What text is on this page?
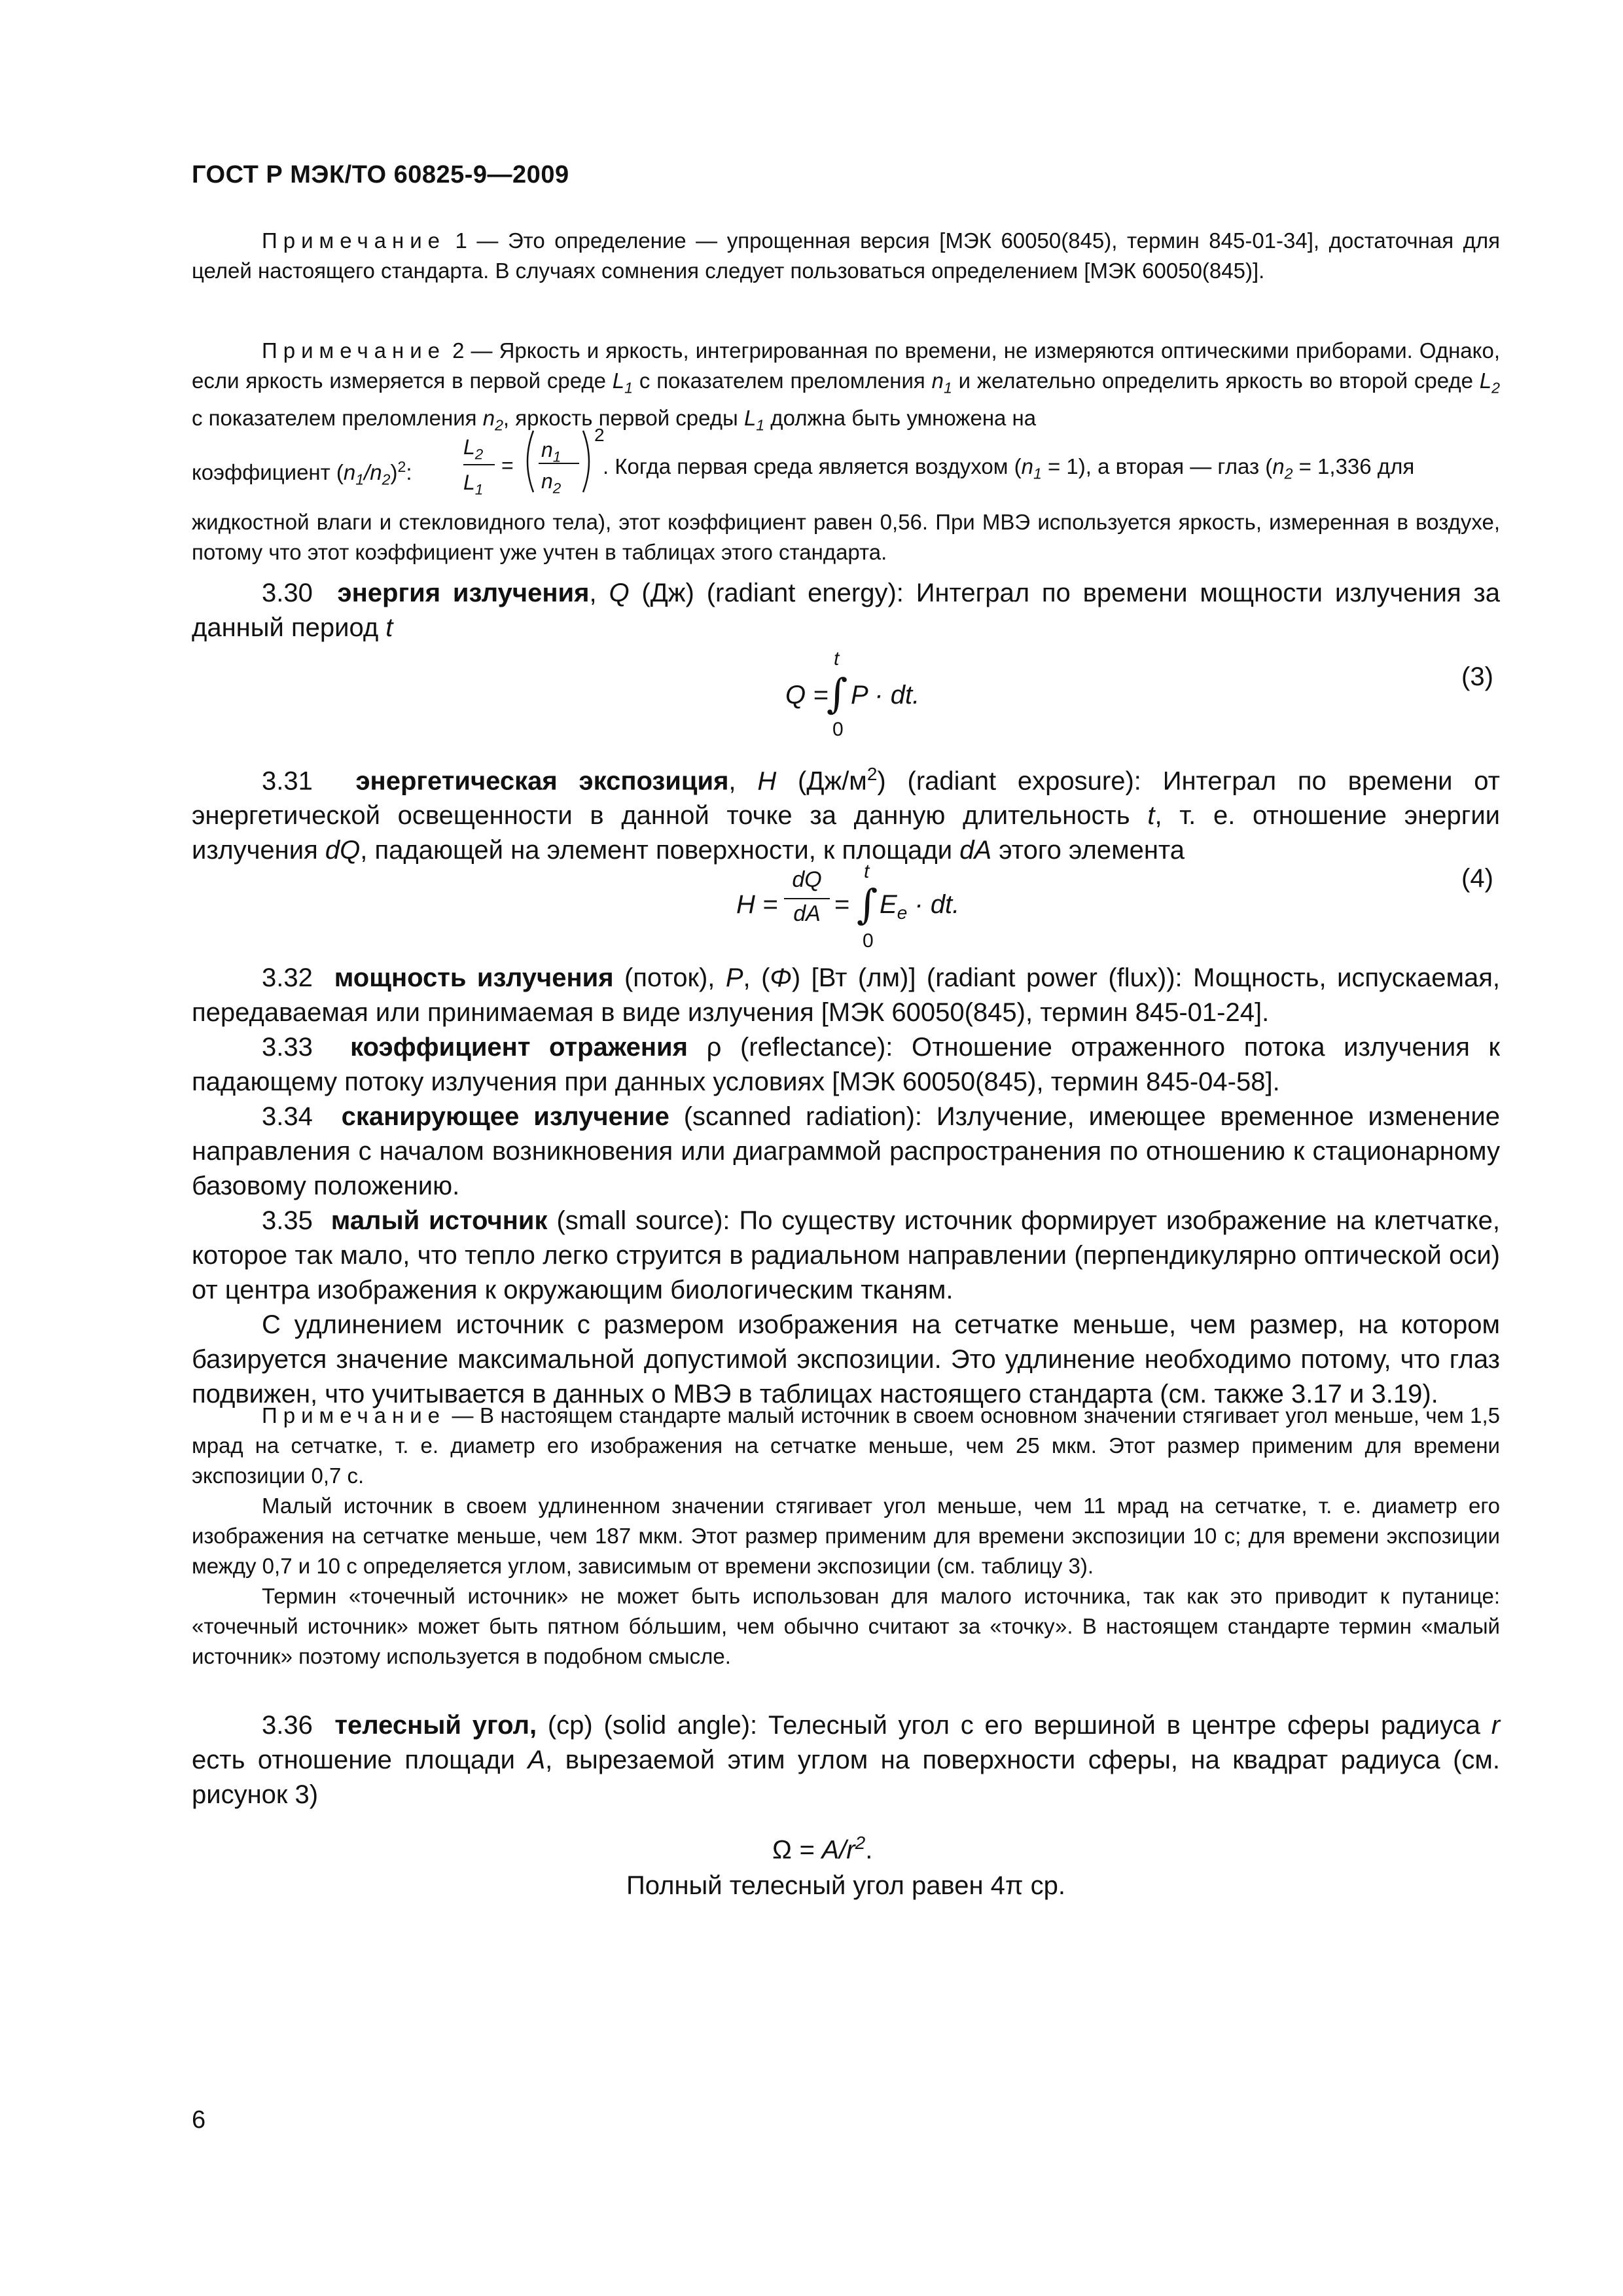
ГОСТ Р МЭК/ТО 60825-9—2009
Примечание 1 — Это определение — упрощенная версия [МЭК 60050(845), термин 845-01-34], достаточная для целей настоящего стандарта. В случаях сомнения следует пользоваться определением [МЭК 60050(845)].
Примечание 2 — Яркость и яркость, интегрированная по времени, не измеряются оптическими приборами. Однако, если яркость измеряется в первой среде $L_1$ с показателем преломления $n_1$ и желательно определить яркость во второй среде $L_2$ с показателем преломления $n_2$, яркость первой среды $L_1$ должна быть умножена на
коэффициент $(n_1/n_2)^2$:
$L_2$
$L_1$
=
$n_1$
$n_2$
2
. Когда первая среда является воздухом $(n_1 = 1)$, а вторая — глаз ($n_2 = 1,336$ для
жидкостной влаги и стекловидного тела), этот коэффициент равен 0,56. При МВЭ используется яркость, измеренная в воздухе, потому что этот коэффициент уже учтен в таблицах этого стандарта.
3.30 энергия излучения, Q (Дж) (radiant energy): Интеграл по времени мощности излучения за данный период t
Q =
t
∫
0
P · dt.
(3)
3.31 энергетическая экспозиция, H $(Дж/м^2)$ (radiant exposure): Интеграл по времени от энергетической освещенности в данной точке за данную длительность t, т. е. отношение энергии излучения dQ, падающей на элемент поверхности, к площади dA этого элемента
H =
dQ
dA =
t
∫
0
$E_e$ · dt.
(4)
3.32 мощность излучения (поток), P, (Φ) [Вт (лм)] (radiant power (flux)): Мощность, испускаемая, передаваемая или принимаемая в виде излучения [МЭК 60050(845), термин 845-01-24].
3.33 коэффициент отражения ρ (reflectance): Отношение отраженного потока излучения к падающему потоку излучения при данных условиях [МЭК 60050(845), термин 845-04-58].
3.34 сканирующее излучение (scanned radiation): Излучение, имеющее временное изменение направления с началом возникновения или диаграммой распространения по отношению к стационарному базовому положению.
3.35 малый источник (small source): По существу источник формирует изображение на клетчатке, которое так мало, что тепло легко струится в радиальном направлении (перпендикулярно оптической оси) от центра изображения к окружающим биологическим тканям.
С удлинением источник с размером изображения на сетчатке меньше, чем размер, на котором базируется значение максимальной допустимой экспозиции. Это удлинение необходимо потому, что глаз подвижен, что учитывается в данных о МВЭ в таблицах настоящего стандарта (см. также 3.17 и 3.19).
Примечание — В настоящем стандарте малый источник в своем основном значении стягивает угол меньше, чем 1,5 мрад на сетчатке, т. е. диаметр его изображения на сетчатке меньше, чем 25 мкм. Этот размер применим для времени экспозиции 0,7 с.
Малый источник в своем удлиненном значении стягивает угол меньше, чем 11 мрад на сетчатке, т. е. диаметр его изображения на сетчатке меньше, чем 187 мкм. Этот размер применим для времени экспозиции 10 с; для времени экспозиции между 0,7 и 10 с определяется углом, зависимым от времени экспозиции (см. таблицу 3).
Термин «точечный источник» не может быть использован для малого источника, так как это приводит к путанице: «точечный источник» может быть пятном бóльшим, чем обычно считают за «точку». В настоящем стандарте термин «малый источник» поэтому используется в подобном смысле.
3.36 телесный угол, (ср) (solid angle): Телесный угол с его вершиной в центре сферы радиуса r есть отношение площади A, вырезаемой этим углом на поверхности сферы, на квадрат радиуса (см. рисунок 3)
$\Omega = A/r^2$.
Полный телесный угол равен 4π ср.
6
